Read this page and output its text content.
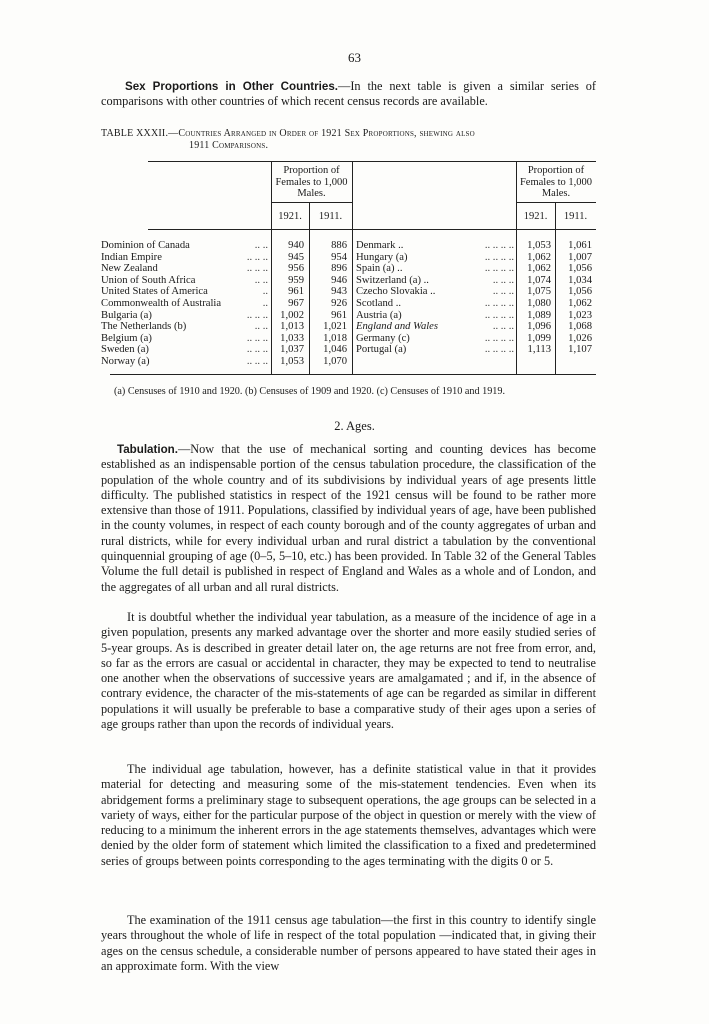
63

Sex Proportions in Other Countries.—In the next table is given a similar series of comparisons with other countries of which recent census records are available.

TABLE XXXII.—Countries Arranged in Order of 1921 Sex Proportions, shewing also
1911 Comparisons.
Proportion of Females to 1,000 Males.
Proportion of Females to 1,000 Males.
1921.	1911.	1921.	1911.
Dominion of Canada	.. ..	940	886
Indian Empire	.. .. ..	945	954
New Zealand	.. .. ..	956	896
Union of South Africa	.. ..	959	946
United States of America	..	961	943
Commonwealth of Australia	..	967	926
Bulgaria (a)	.. .. ..	1,002	961
The Netherlands (b)	.. ..	1,013	1,021
Belgium (a)	.. .. ..	1,033	1,018
Sweden (a)	.. .. ..	1,037	1,046
Norway (a)	.. .. ..	1,053	1,070
Denmark ..	.. .. .. ..	1,053	1,061
Hungary (a)	.. .. .. ..	1,062	1,007
Spain (a) ..	.. .. .. ..	1,062	1,056
Switzerland (a) ..	.. .. ..	1,074	1,034
Czecho Slovakia ..	.. .. ..	1,075	1,056
Scotland ..	.. .. .. ..	1,080	1,062
Austria (a)	.. .. .. ..	1,089	1,023
England and Wales	.. .. ..	1,096	1,068
Germany (c)	.. .. .. ..	1,099	1,026
Portugal (a)	.. .. .. ..	1,113	1,107
(a) Censuses of 1910 and 1920. (b) Censuses of 1909 and 1920. (c) Censuses of 1910 and 1919.
2. Ages.

Tabulation.—Now that the use of mechanical sorting and counting devices has become established as an indispensable portion of the census tabulation procedure, the classification of the population of the whole country and of its subdivisions by individual years of age presents little difficulty. The published statistics in respect of the 1921 census will be found to be rather more extensive than those of 1911. Populations, classified by individual years of age, have been published in the county volumes, in respect of each county borough and of the county aggregates of urban and rural districts, while for every individual urban and rural district a tabulation by the conventional quinquennial grouping of age (0–5, 5–10, etc.) has been provided. In Table 32 of the General Tables Volume the full detail is published in respect of England and Wales as a whole and of London, and the aggregates of all urban and all rural districts.

It is doubtful whether the individual year tabulation, as a measure of the incidence of age in a given population, presents any marked advantage over the shorter and more easily studied series of 5-year groups. As is described in greater detail later on, the age returns are not free from error, and, so far as the errors are casual or accidental in character, they may be expected to tend to neutralise one another when the observations of successive years are amalgamated ; and if, in the absence of contrary evidence, the character of the mis-statements of age can be regarded as similar in different populations it will usually be preferable to base a comparative study of their ages upon a series of age groups rather than upon the records of individual years.

The individual age tabulation, however, has a definite statistical value in that it provides material for detecting and measuring some of the mis-statement tendencies. Even when its abridgement forms a preliminary stage to subsequent operations, the age groups can be selected in a variety of ways, either for the particular purpose of the object in question or merely with the view of reducing to a minimum the inherent errors in the age statements themselves, advantages which were denied by the older form of statement which limited the classification to a fixed and predetermined series of groups between points corresponding to the ages terminating with the digits 0 or 5.

The examination of the 1911 census age tabulation—the first in this country to identify single years throughout the whole of life in respect of the total population —indicated that, in giving their ages on the census schedule, a considerable number of persons appeared to have stated their ages in an approximate form. With the view
